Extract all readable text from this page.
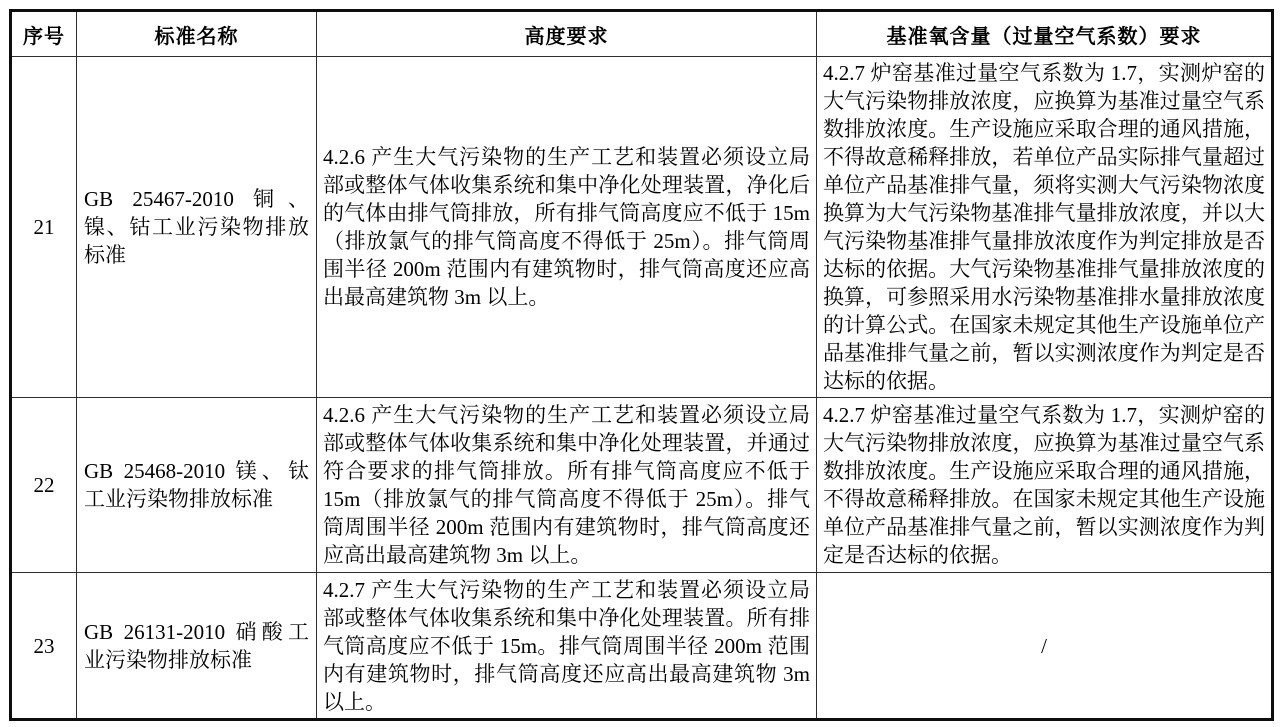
序号	标准名称	高度要求	基准氧含量（过量空气系数）要求
21	GB 25467-2010 铜、镍、钴工业污染物排放标准	4.2.6 产生大气污染物的生产工艺和装置必须设立局部或整体气体收集系统和集中净化处理装置，净化后的气体由排气筒排放，所有排气筒高度应不低于 15m（排放氯气的排气筒高度不得低于 25m）。排气筒周围半径 200m 范围内有建筑物时，排气筒高度还应高出最高建筑物 3m 以上。	4.2.7 炉窑基准过量空气系数为 1.7，实测炉窑的大气污染物排放浓度，应换算为基准过量空气系数排放浓度。生产设施应采取合理的通风措施，不得故意稀释排放，若单位产品实际排气量超过单位产品基准排气量，须将实测大气污染物浓度换算为大气污染物基准排气量排放浓度，并以大气污染物基准排气量排放浓度作为判定排放是否达标的依据。大气污染物基准排气量排放浓度的换算，可参照采用水污染物基准排水量排放浓度的计算公式。在国家未规定其他生产设施单位产品基准排气量之前，暂以实测浓度作为判定是否达标的依据。
22	GB 25468-2010 镁、钛工业污染物排放标准	4.2.6 产生大气污染物的生产工艺和装置必须设立局部或整体气体收集系统和集中净化处理装置，并通过符合要求的排气筒排放。所有排气筒高度应不低于 15m（排放氯气的排气筒高度不得低于 25m）。排气筒周围半径 200m 范围内有建筑物时，排气筒高度还应高出最高建筑物 3m 以上。	4.2.7 炉窑基准过量空气系数为 1.7，实测炉窑的大气污染物排放浓度，应换算为基准过量空气系数排放浓度。生产设施应采取合理的通风措施，不得故意稀释排放。在国家未规定其他生产设施单位产品基准排气量之前，暂以实测浓度作为判定是否达标的依据。
23	GB 26131-2010 硝酸工业污染物排放标准	4.2.7 产生大气污染物的生产工艺和装置必须设立局部或整体气体收集系统和集中净化处理装置。所有排气筒高度应不低于 15m。排气筒周围半径 200m 范围内有建筑物时，排气筒高度还应高出最高建筑物 3m 以上。	/
